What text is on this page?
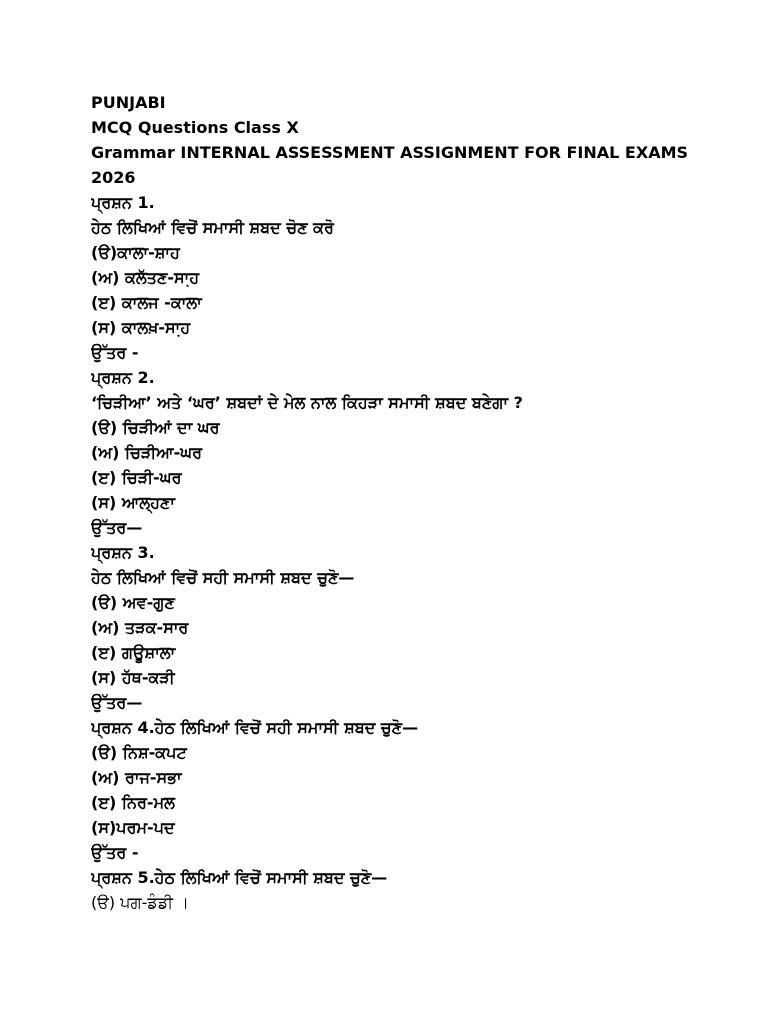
PUNJABI
MCQ Questions Class X
Grammar INTERNAL ASSESSMENT ASSIGNMENT FOR FINAL EXAMS
2026
ਪ੍ਰਸ਼ਨ 1.
ਹੇਠ ਲਿਖਿਆਂ ਵਿਚੋਂ ਸਮਾਸੀ ਸ਼ਬਦ ਚੋਣ ਕਰੋ
(ੳ)ਕਾਲਾ-ਸ਼ਾਹ
(ਅ) ਕਲੱਤਣ-ਸਾ਼ਹ
(ੲ) ਕਾਲਜ -ਕਾਲਾ
(ਸ) ਕਾਲਖ਼-ਸਾ਼ਹ
ਉੱਤਰ -
ਪ੍ਰਸ਼ਨ 2.
‘ਚਿੜੀਆ’ ਅਤੇ ‘ਘਰ’ ਸ਼ਬਦਾਂ ਦੇ ਮੇਲ ਨਾਲ ਕਿਹੜਾ ਸਮਾਸੀ ਸ਼ਬਦ ਬਣੇਗਾ ?
(ੳ) ਚਿੜੀਆਂ ਦਾ ਘਰ
(ਅ) ਚਿੜੀਆ-ਘਰ
(ੲ) ਚਿੜੀ-ਘਰ
(ਸ) ਆਲ੍ਹਣਾ
ਉੱਤਰ—
ਪ੍ਰਸ਼ਨ 3.
ਹੇਠ ਲਿਖਿਆਂ ਵਿਚੋਂ ਸਹੀ ਸਮਾਸੀ ਸ਼ਬਦ ਚੁਣੋ—
(ੳ) ਅਵ-ਗੁਣ
(ਅ) ਤੜਕ-ਸਾਰ
(ੲ) ਗਊਸ਼ਾਲਾ
(ਸ) ਹੱਥ-ਕੜੀ
ਉੱਤਰ—
ਪ੍ਰਸ਼ਨ 4.ਹੇਠ ਲਿਖਿਆਂ ਵਿਚੋਂ ਸਹੀ ਸਮਾਸੀ ਸ਼ਬਦ ਚੁਣੋ—
(ੳ) ਨਿਸ਼-ਕਪਟ
(ਅ) ਰਾਜ-ਸਭਾ
(ੲ) ਨਿਰ-ਮਲ
(ਸ)ਪਰਮ-ਪਦ
ਉੱਤਰ -
ਪ੍ਰਸ਼ਨ 5.ਹੇਠ ਲਿਖਿਆਂ ਵਿਚੋਂ ਸਮਾਸੀ ਸ਼ਬਦ ਚੁਣੋ—
(ੳ) ਪਗ-ਡੰਡੀ ।
